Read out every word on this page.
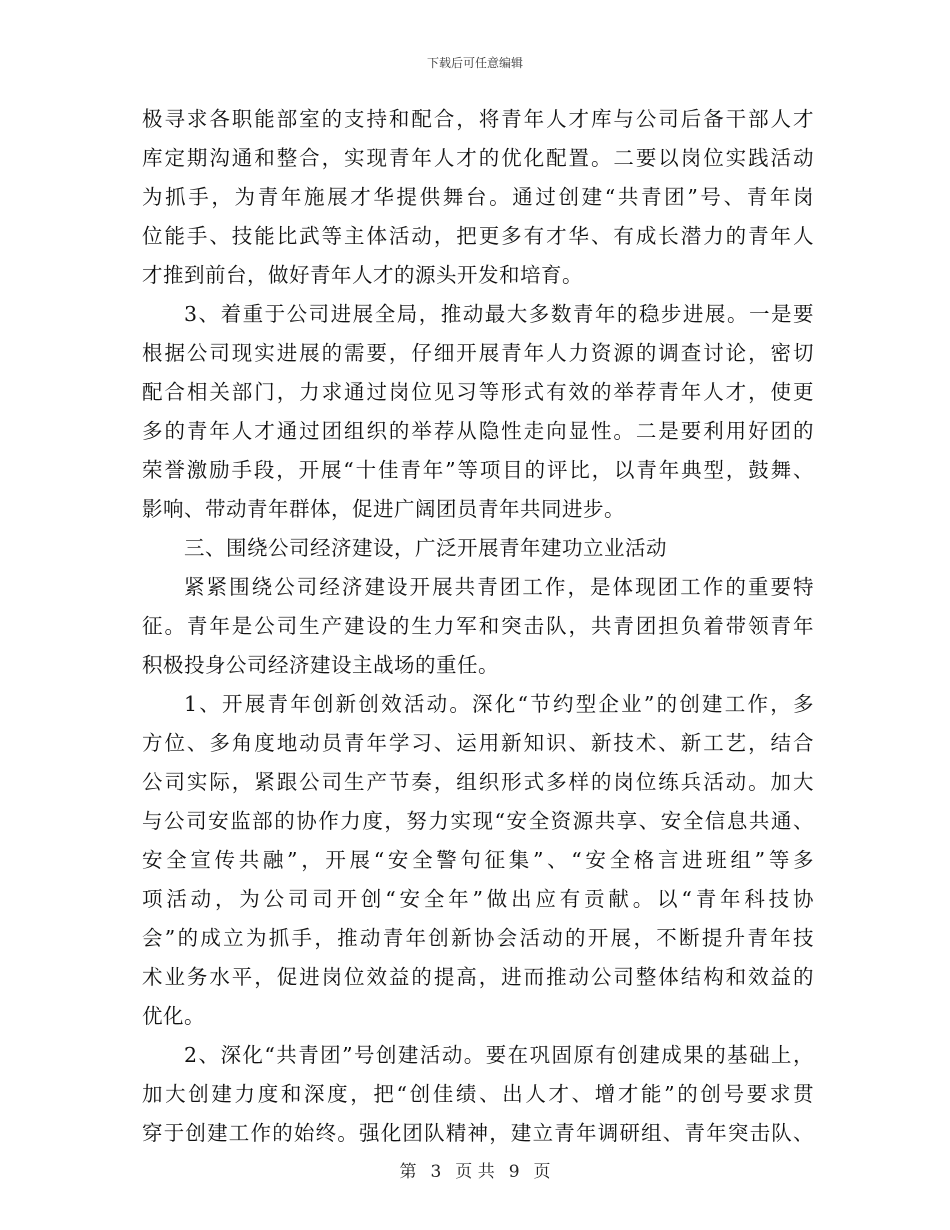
下载后可任意编辑
极寻求各职能部室的支持和配合，将青年人才库与公司后备干部人才
库定期沟通和整合，实现青年人才的优化配置。二要以岗位实践活动
为抓手，为青年施展才华提供舞台。通过创建“共青团”号、青年岗
位能手、技能比武等主体活动，把更多有才华、有成长潜力的青年人
才推到前台，做好青年人才的源头开发和培育。
3、着重于公司进展全局，推动最大多数青年的稳步进展。一是要
根据公司现实进展的需要，仔细开展青年人力资源的调查讨论，密切
配合相关部门，力求通过岗位见习等形式有效的举荐青年人才，使更
多的青年人才通过团组织的举荐从隐性走向显性。二是要利用好团的
荣誉激励手段，开展“十佳青年”等项目的评比，以青年典型，鼓舞、
影响、带动青年群体，促进广阔团员青年共同进步。
三、围绕公司经济建设，广泛开展青年建功立业活动
紧紧围绕公司经济建设开展共青团工作，是体现团工作的重要特
征。青年是公司生产建设的生力军和突击队，共青团担负着带领青年
积极投身公司经济建设主战场的重任。
1、开展青年创新创效活动。深化“节约型企业”的创建工作，多
方位、多角度地动员青年学习、运用新知识、新技术、新工艺，结合
公司实际，紧跟公司生产节奏，组织形式多样的岗位练兵活动。加大
与公司安监部的协作力度，努力实现“安全资源共享、安全信息共通、
安全宣传共融”，开展“安全警句征集”、“安全格言进班组”等多
项活动，为公司司开创“安全年”做出应有贡献。以“青年科技协
会”的成立为抓手，推动青年创新协会活动的开展，不断提升青年技
术业务水平，促进岗位效益的提高，进而推动公司整体结构和效益的
优化。
2、深化“共青团”号创建活动。要在巩固原有创建成果的基础上，
加大创建力度和深度，把“创佳绩、出人才、增才能”的创号要求贯
穿于创建工作的始终。强化团队精神，建立青年调研组、青年突击队、
第 3 页 共 9 页
